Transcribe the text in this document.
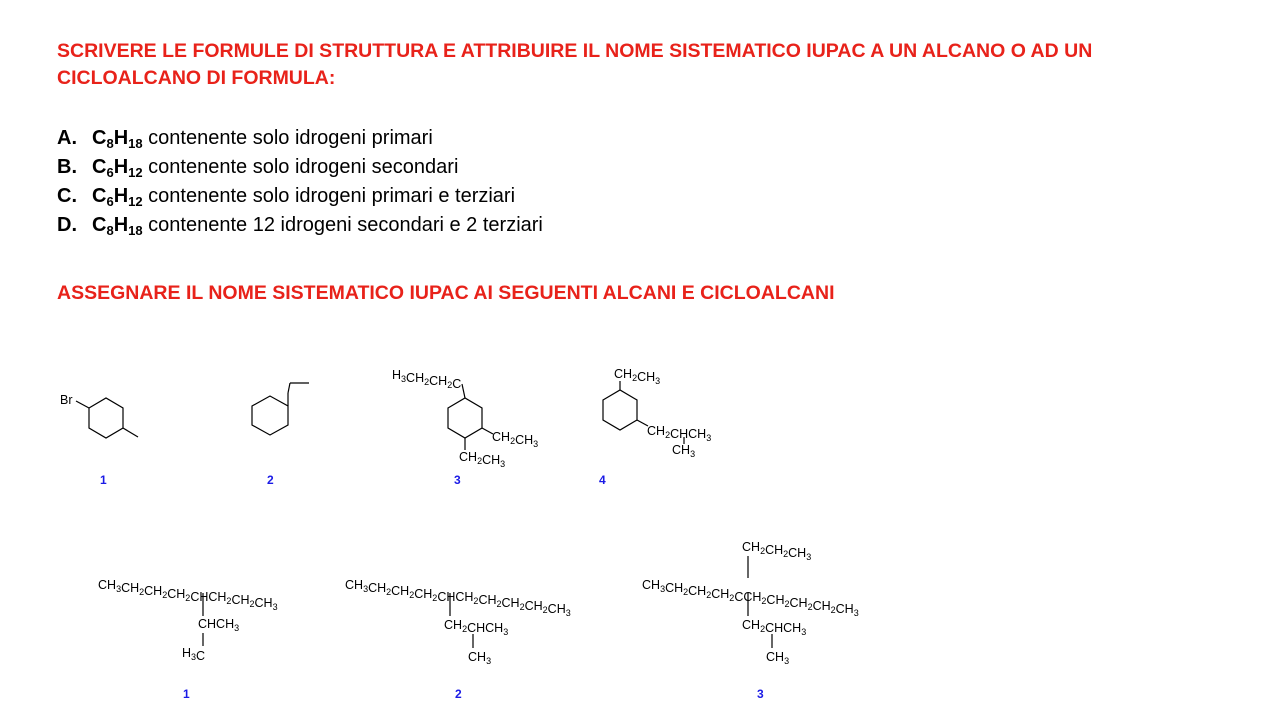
SCRIVERE LE FORMULE DI STRUTTURA E ATTRIBUIRE IL NOME SISTEMATICO IUPAC A UN ALCANO O AD UN CICLOALCANO DI FORMULA:

A. $C_8H_{18}$ contenente solo idrogeni primari
B. $C_6H_{12}$ contenente solo idrogeni secondari
C. $C_6H_{12}$ contenente solo idrogeni primari e terziari
D. $C_8H_{18}$ contenente 12 idrogeni secondari e 2 terziari

ASSEGNARE IL NOME SISTEMATICO IUPAC AI SEGUENTI ALCANI E CICLOALCANI

Br
1	2
$H_3CH_2CH_2C$
$CH_2CH_3$
$CH_2CH_3$
3
$CH_2CH_3$
$CH_2CHCH_3$
$CH_3$
4
$CH_3CH_2CH_2CH_2CHCH_2CH_2CH_3$
$CHCH_3$
$H_3C$
1
$CH_3CH_2CH_2CH_2CHCH_2CH_2CH_2CH_2CH_3$
$CH_2CHCH_3$
$CH_3$
2
$CH_2CH_2CH_3$
$CH_3CH_2CH_2CH_2CCH_2CH_2CH_2CH_2CH_3$
$CH_2CHCH_3$
$CH_3$
3
